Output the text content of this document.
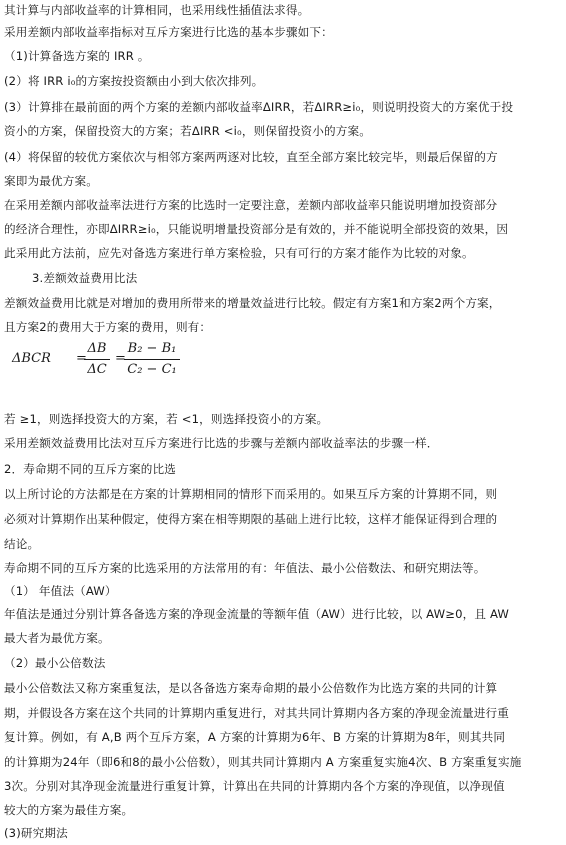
其计算与内部收益率的计算相同，也采用线性插值法求得。
采用差额内部收益率指标对互斥方案进行比选的基本步骤如下：
（1)计算备选方案的 IRR 。
(2）将 IRR i₀的方案按投资额由小到大依次排列。
(3）计算排在最前面的两个方案的差额内部收益率ΔIRR，若ΔIRR≥i₀，则说明投资大的方案优于投
资小的方案，保留投资大的方案；若ΔIRR <i₀，则保留投资小的方案。
(4）将保留的较优方案依次与相邻方案两两逐对比较，直至全部方案比较完毕，则最后保留的方
案即为最优方案。
在采用差额内部收益率法进行方案的比选时一定要注意，差额内部收益率只能说明增加投资部分
的经济合理性，亦即ΔIRR≥i₀，只能说明增量投资部分是有效的，并不能说明全部投资的效果，因
此采用此方法前，应先对备选方案进行单方案检验，只有可行的方案才能作为比较的对象。
3.差额效益费用比法
差额效益费用比就是对增加的费用所带来的增量效益进行比较。假定有方案1和方案2两个方案，
且方案2的费用大于方案的费用，则有：
ΔBCR =
ΔB
ΔC
=
B₂ − B₁
C₂ − C₁
若 ≥1，则选择投资大的方案，若 <1，则选择投资小的方案。
采用差额效益费用比法对互斥方案进行比选的步骤与差额内部收益率法的步骤一样．
2．寿命期不同的互斥方案的比选
以上所讨论的方法都是在方案的计算期相同的情形下而采用的。如果互斥方案的计算期不同，则
必须对计算期作出某种假定，使得方案在相等期限的基础上进行比较，这样才能保证得到合理的
结论。
寿命期不同的互斥方案的比选采用的方法常用的有：年值法、最小公倍数法、和研究期法等。
（1） 年值法（AW）
年值法是通过分别计算各备选方案的净现金流量的等额年值（AW）进行比较，以 AW≥0，且 AW
最大者为最优方案。
（2）最小公倍数法
最小公倍数法又称方案重复法，是以各备选方案寿命期的最小公倍数作为比选方案的共同的计算
期，并假设各方案在这个共同的计算期内重复进行，对其共同计算期内各方案的净现金流量进行重
复计算。例如，有 A,B 两个互斥方案，A 方案的计算期为6年、B 方案的计算期为8年，则其共同
的计算期为24年（即6和8的最小公倍数），则其共同计算期内 A 方案重复实施4次、B 方案重复实施
3次。分别对其净现金流量进行重复计算，计算出在共同的计算期内各个方案的净现值，以净现值
较大的方案为最佳方案。
(3)研究期法
